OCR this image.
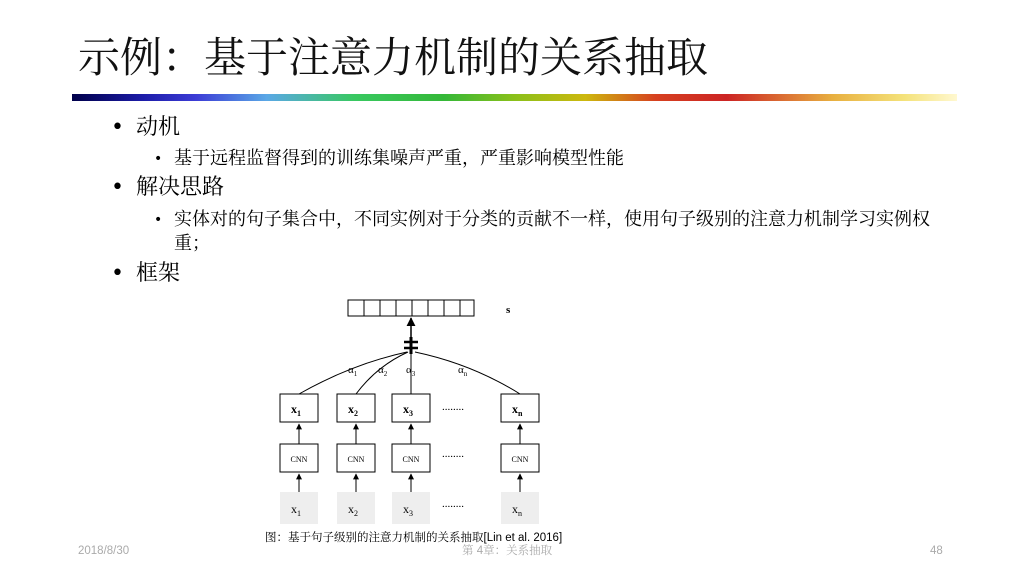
示例：基于注意力机制的关系抽取
• 动机
• 基于远程监督得到的训练集噪声严重，严重影响模型性能
• 解决思路
• 实体对的句子集合中，不同实例对于分类的贡献不一样，使用句子级别的注意力机制学习实例权重；
• 框架
s
$\alpha_1$ $\alpha_2$ $\alpha_3$	$\alpha_n$
$x_1$	$x_2$	$x_3$	$x_n$
........
CNN	CNN	CNN	CNN
........
$x_1$	$x_2$	$x_3$	$x_n$
........
图：基于句子级别的注意力机制的关系抽取[Lin et al. 2016]
2018/8/30	第 4章：关系抽取	48
